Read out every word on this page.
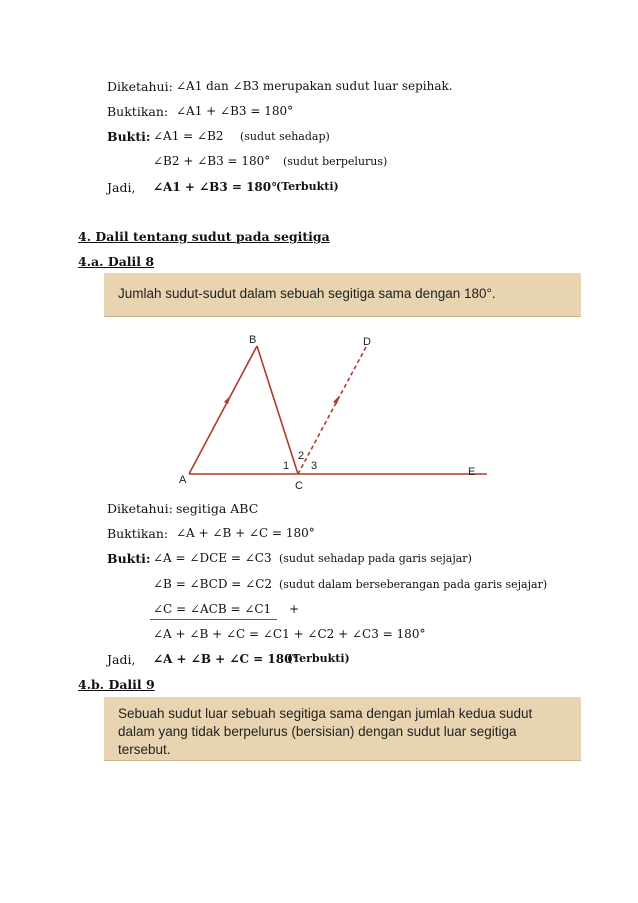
Diketahui: ∠A1 dan ∠B3 merupakan sudut luar sepihak.
Buktikan: ∠A1 + ∠B3 = 180°
Bukti: ∠A1 = ∠B2 (sudut sehadap)
∠B2 + ∠B3 = 180° (sudut berpelurus)
Jadi, ∠A1 + ∠B3 = 180°
(Terbukti)
4. Dalil tentang sudut pada segitiga
4.a. Dalil 8
Jumlah sudut-sudut dalam sebuah segitiga sama dengan 180°.
B	D
A	C
E
2
1 3
Diketahui: segitiga ABC
Buktikan: ∠A + ∠B + ∠C = 180°
Bukti: ∠A = ∠DCE = ∠C3 (sudut sehadap pada garis sejajar)
∠B = ∠BCD = ∠C2 (sudut dalam berseberangan pada garis sejajar)
∠C = ∠ACB = ∠C1 +
∠A + ∠B + ∠C = ∠C1 + ∠C2 + ∠C3 = 180°
Jadi, ∠A + ∠B + ∠C = 180°
(Terbukti)
4.b. Dalil 9
Sebuah sudut luar sebuah segitiga sama dengan jumlah kedua sudut
dalam yang tidak berpelurus (bersisian) dengan sudut luar segitiga
tersebut.
